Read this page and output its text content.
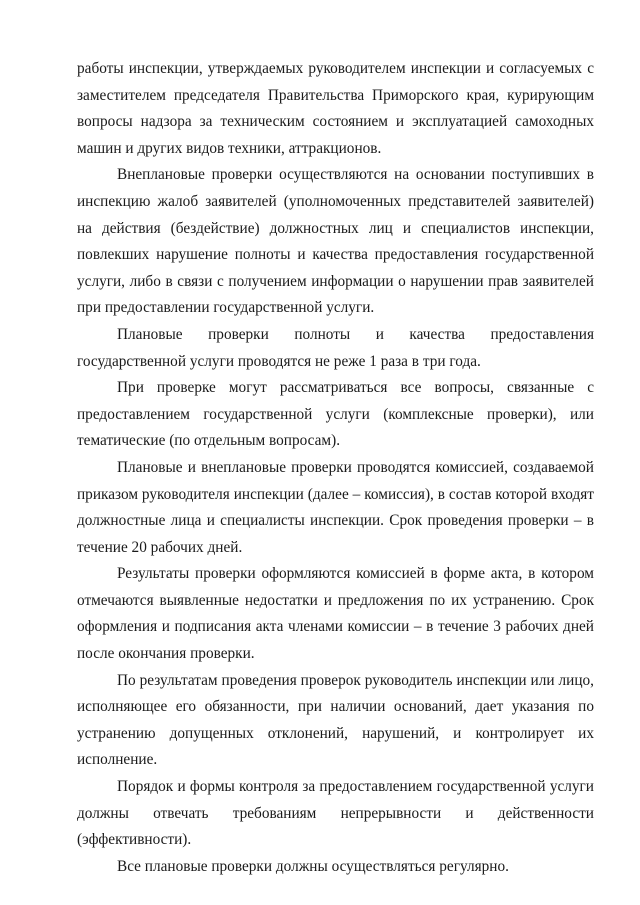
работы инспекции, утверждаемых руководителем инспекции и согласуемых с заместителем председателя Правительства Приморского края, курирующим вопросы надзора за техническим состоянием и эксплуатацией самоходных машин и других видов техники, аттракционов.

Внеплановые проверки осуществляются на основании поступивших в инспекцию жалоб заявителей (уполномоченных представителей заявителей) на действия (бездействие) должностных лиц и специалистов инспекции, повлекших нарушение полноты и качества предоставления государственной услуги, либо в связи с получением информации о нарушении прав заявителей при предоставлении государственной услуги.

Плановые проверки полноты и качества предоставления государственной услуги проводятся не реже 1 раза в три года.

При проверке могут рассматриваться все вопросы, связанные с предоставлением государственной услуги (комплексные проверки), или тематические (по отдельным вопросам).

Плановые и внеплановые проверки проводятся комиссией, создаваемой приказом руководителя инспекции (далее – комиссия), в состав которой входят должностные лица и специалисты инспекции. Срок проведения проверки – в течение 20 рабочих дней.

Результаты проверки оформляются комиссией в форме акта, в котором отмечаются выявленные недостатки и предложения по их устранению. Срок оформления и подписания акта членами комиссии – в течение 3 рабочих дней после окончания проверки.

По результатам проведения проверок руководитель инспекции или лицо, исполняющее его обязанности, при наличии оснований, дает указания по устранению допущенных отклонений, нарушений, и контролирует их исполнение.

Порядок и формы контроля за предоставлением государственной услуги должны отвечать требованиям непрерывности и действенности (эффективности).

Все плановые проверки должны осуществляться регулярно.
